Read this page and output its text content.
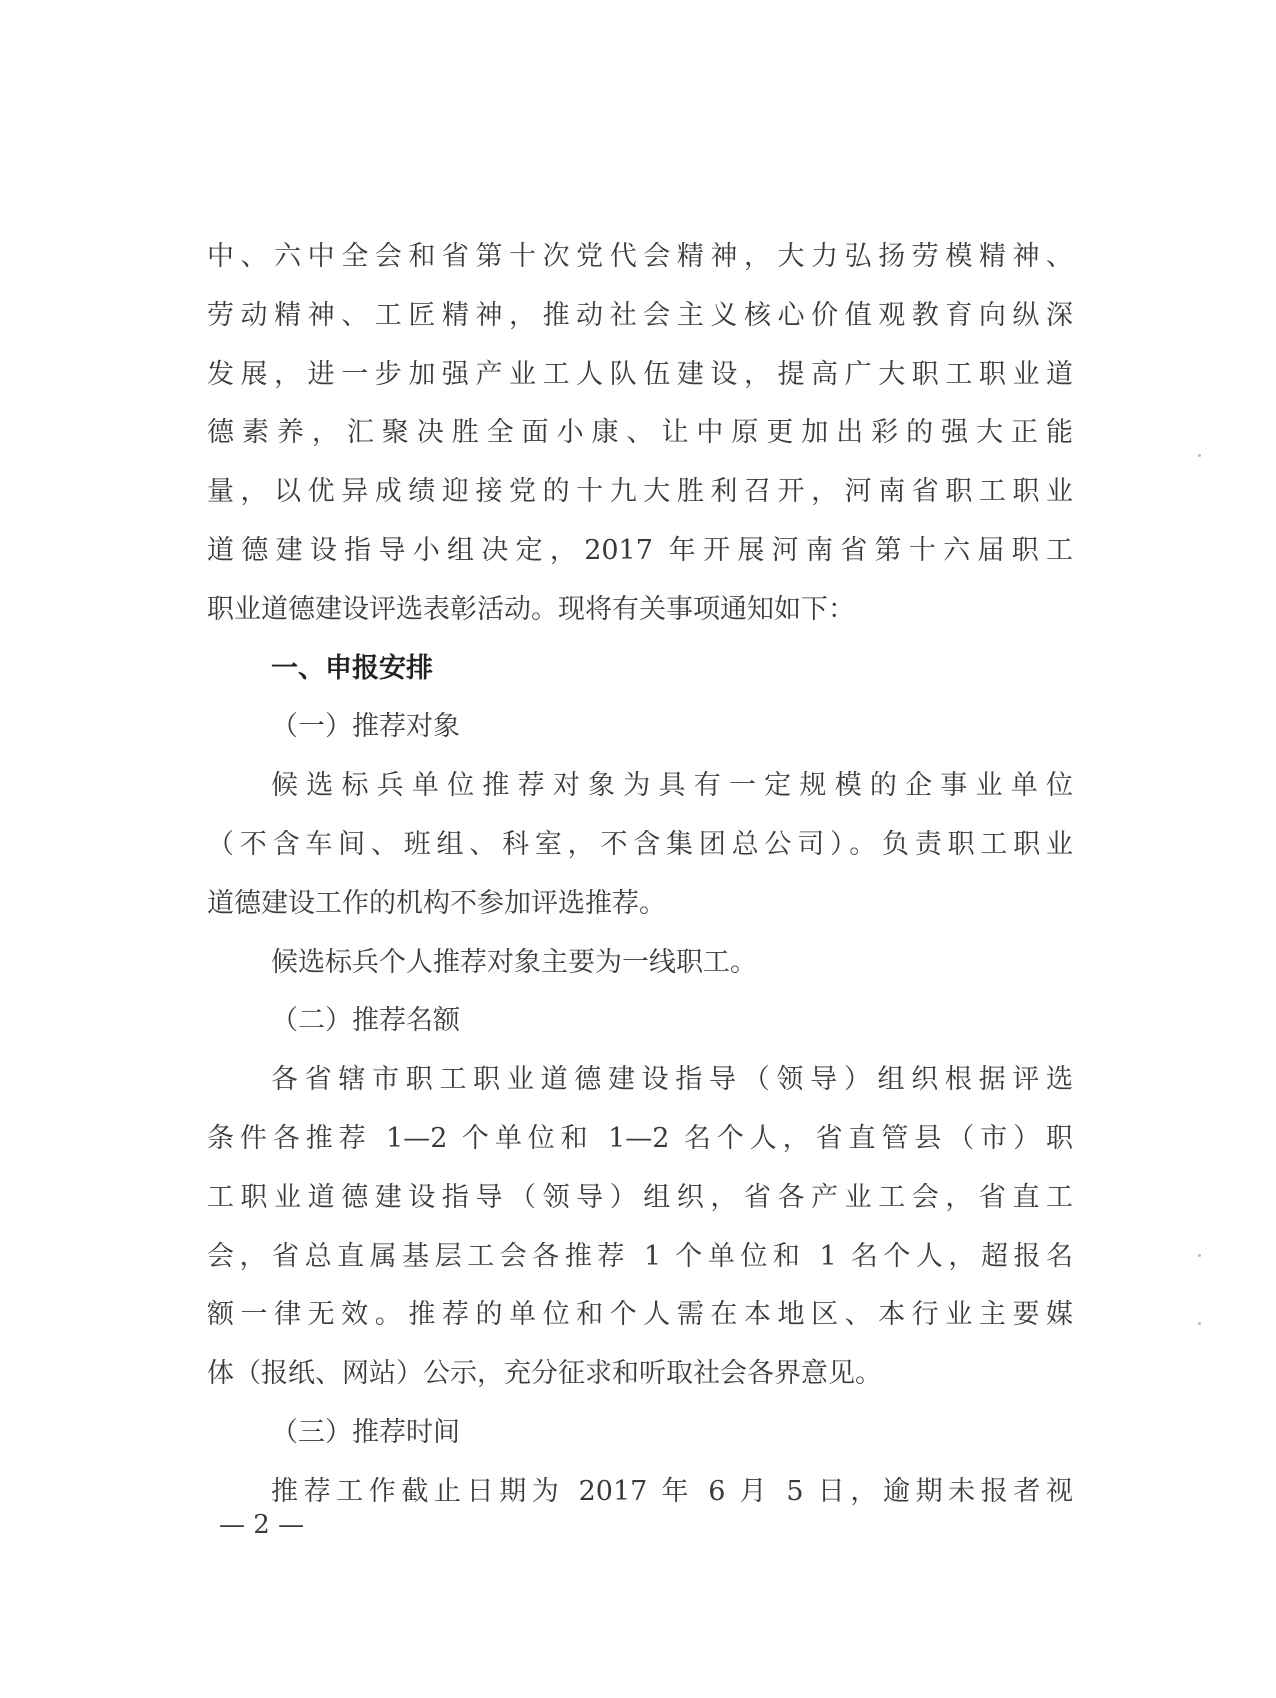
中、六中全会和省第十次党代会精神，大力弘扬劳模精神、
劳动精神、工匠精神，推动社会主义核心价值观教育向纵深
发展，进一步加强产业工人队伍建设，提高广大职工职业道
德素养，汇聚决胜全面小康、让中原更加出彩的强大正能
量，以优异成绩迎接党的十九大胜利召开，河南省职工职业
道德建设指导小组决定，2017 年开展河南省第十六届职工
职业道德建设评选表彰活动。现将有关事项通知如下：
一、申报安排
（一）推荐对象
候选标兵单位推荐对象为具有一定规模的企事业单位
（不含车间、班组、科室，不含集团总公司）。负责职工职业
道德建设工作的机构不参加评选推荐。
候选标兵个人推荐对象主要为一线职工。
（二）推荐名额
各省辖市职工职业道德建设指导（领导）组织根据评选
条件各推荐 1—2 个单位和 1—2 名个人，省直管县（市）职
工职业道德建设指导（领导）组织，省各产业工会，省直工
会，省总直属基层工会各推荐 1 个单位和 1 名个人，超报名
额一律无效。推荐的单位和个人需在本地区、本行业主要媒
体（报纸、网站）公示，充分征求和听取社会各界意见。
（三）推荐时间
推荐工作截止日期为 2017 年 6 月 5 日，逾期未报者视
— 2 —
